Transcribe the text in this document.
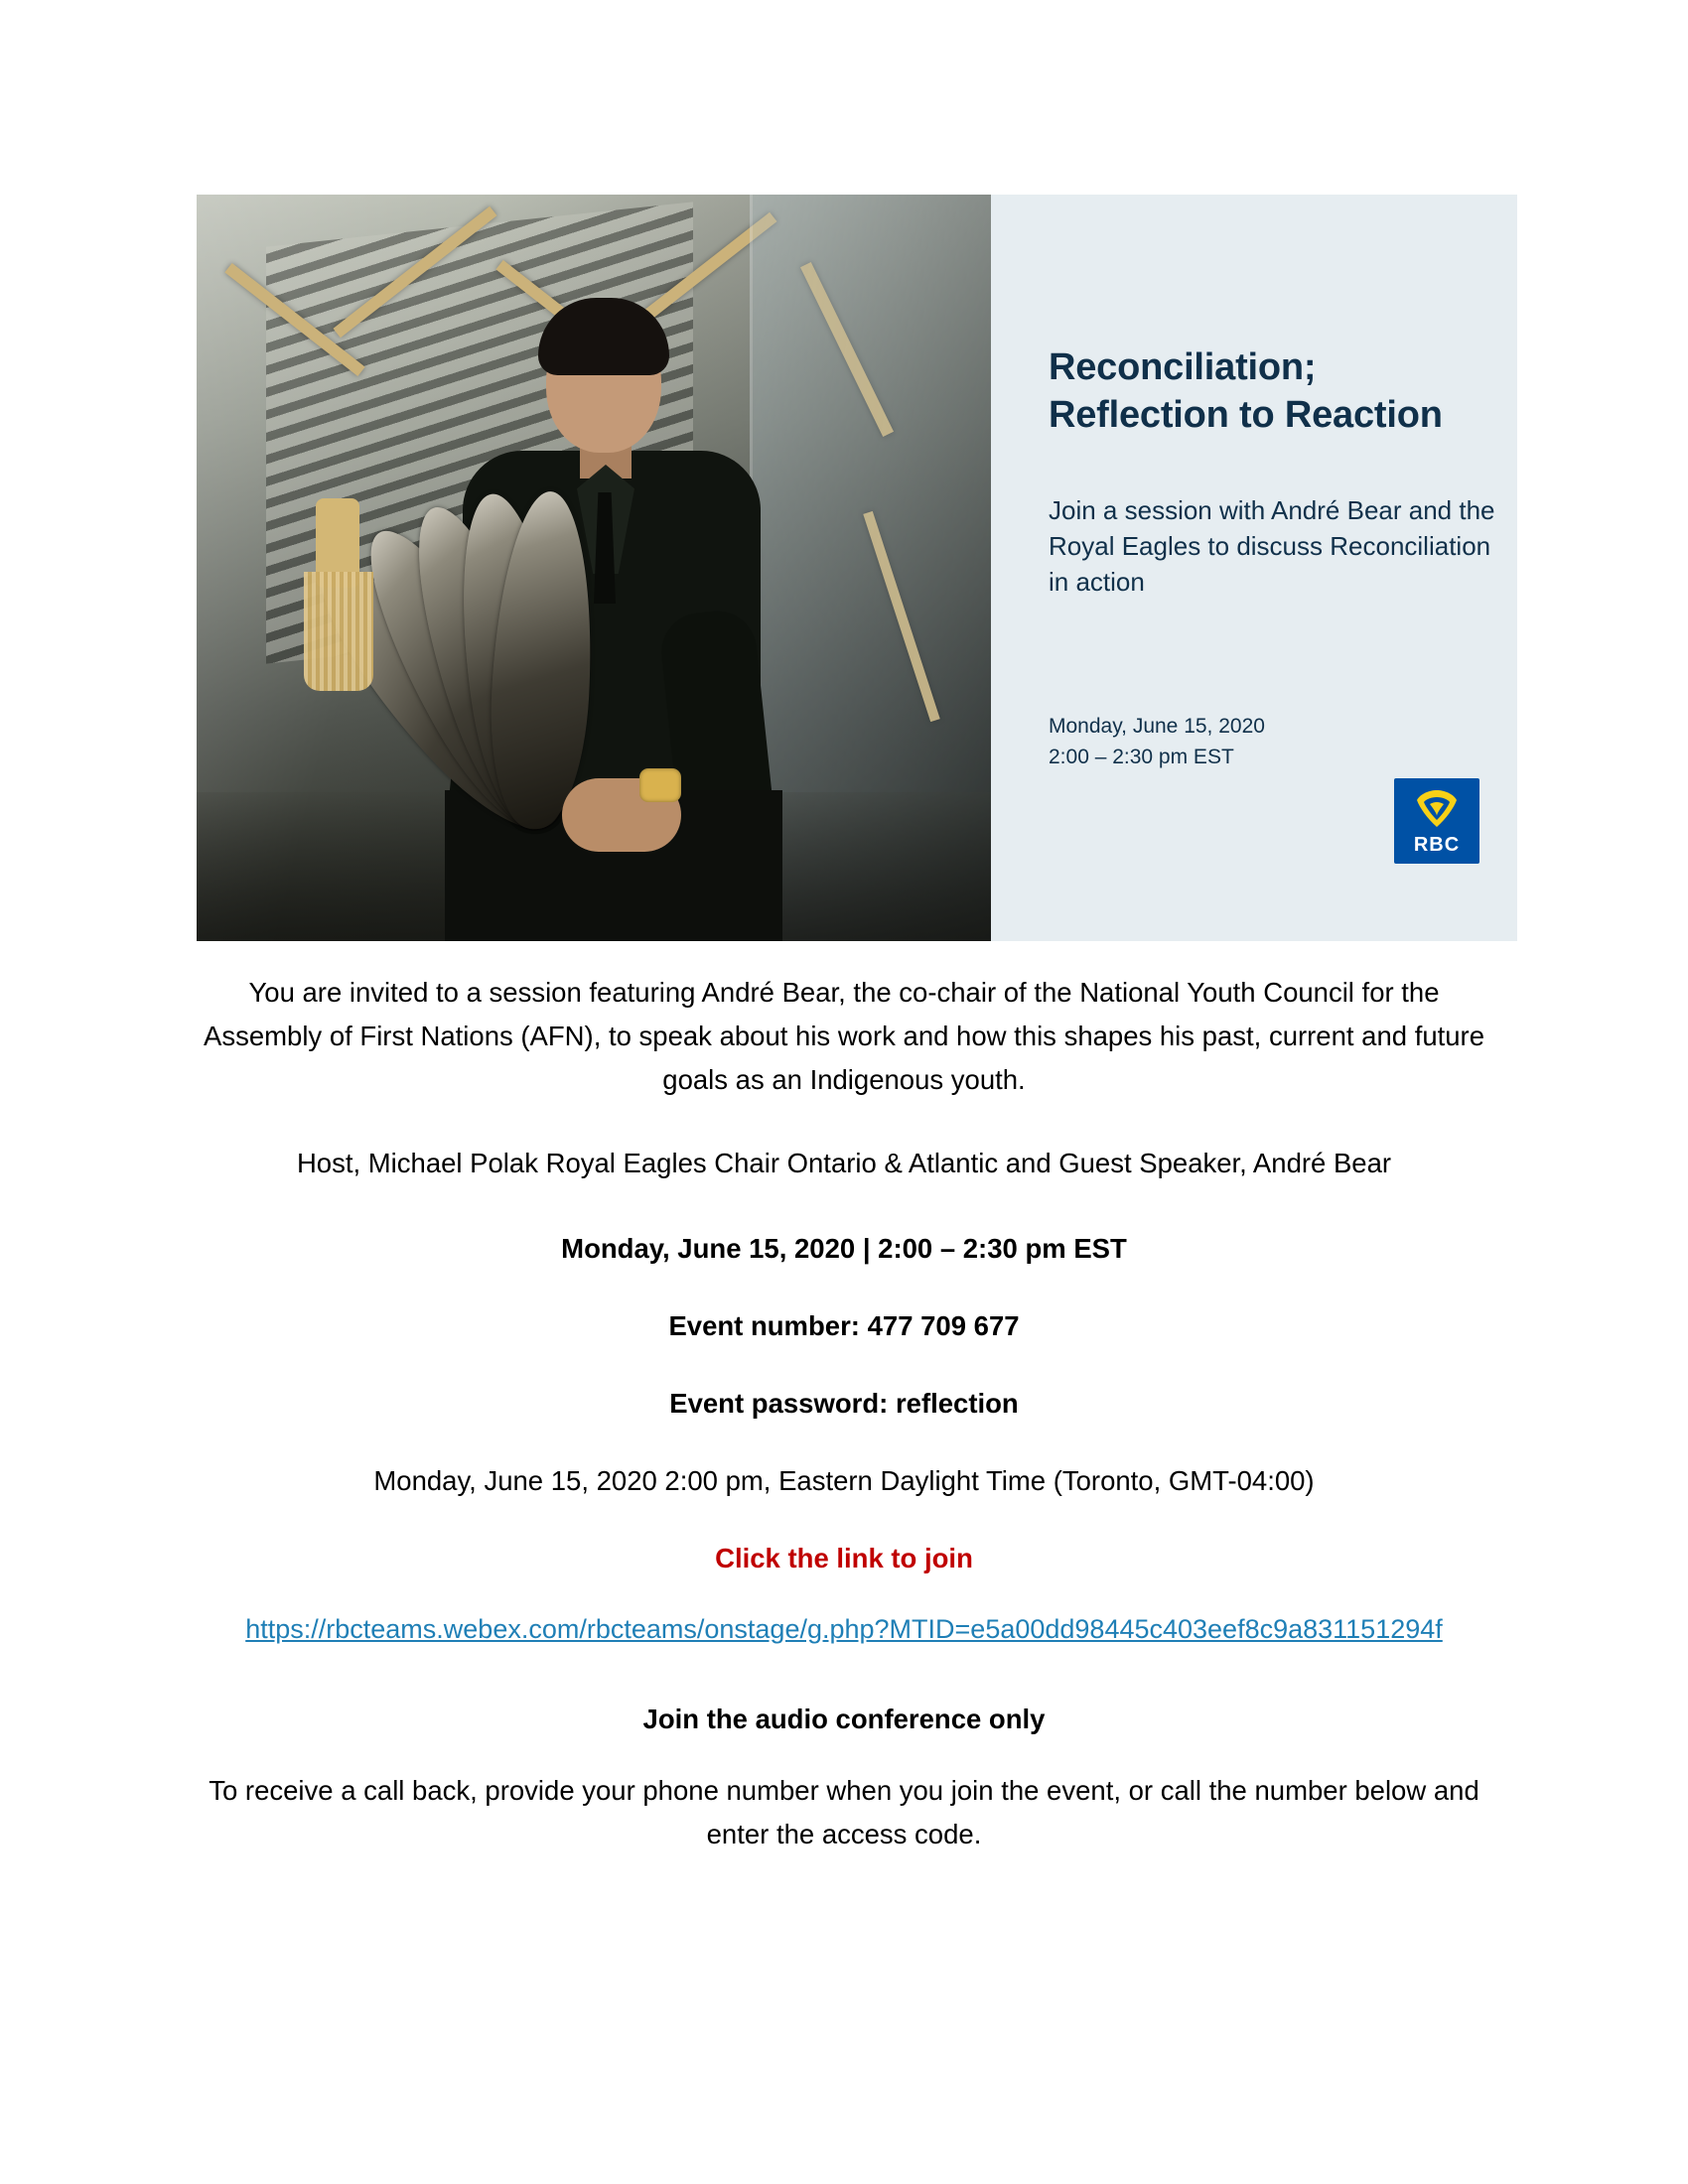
Reconciliation;
Reflection to Reaction
Join a session with André Bear and the Royal Eagles to discuss Reconciliation in action
Monday, June 15, 2020
2:00 – 2:30 pm EST
RBC

You are invited to a session featuring André Bear, the co-chair of the National Youth Council for the Assembly of First Nations (AFN), to speak about his work and how this shapes his past, current and future goals as an Indigenous youth.

Host, Michael Polak Royal Eagles Chair Ontario & Atlantic and Guest Speaker, André Bear

Monday, June 15, 2020 | 2:00 – 2:30 pm EST

Event number: 477 709 677

Event password: reflection

Monday, June 15, 2020 2:00 pm, Eastern Daylight Time (Toronto, GMT-04:00)

Click the link to join

https://rbcteams.webex.com/rbcteams/onstage/g.php?MTID=e5a00dd98445c403eef8c9a831151294f

Join the audio conference only

To receive a call back, provide your phone number when you join the event, or call the number below and enter the access code.
